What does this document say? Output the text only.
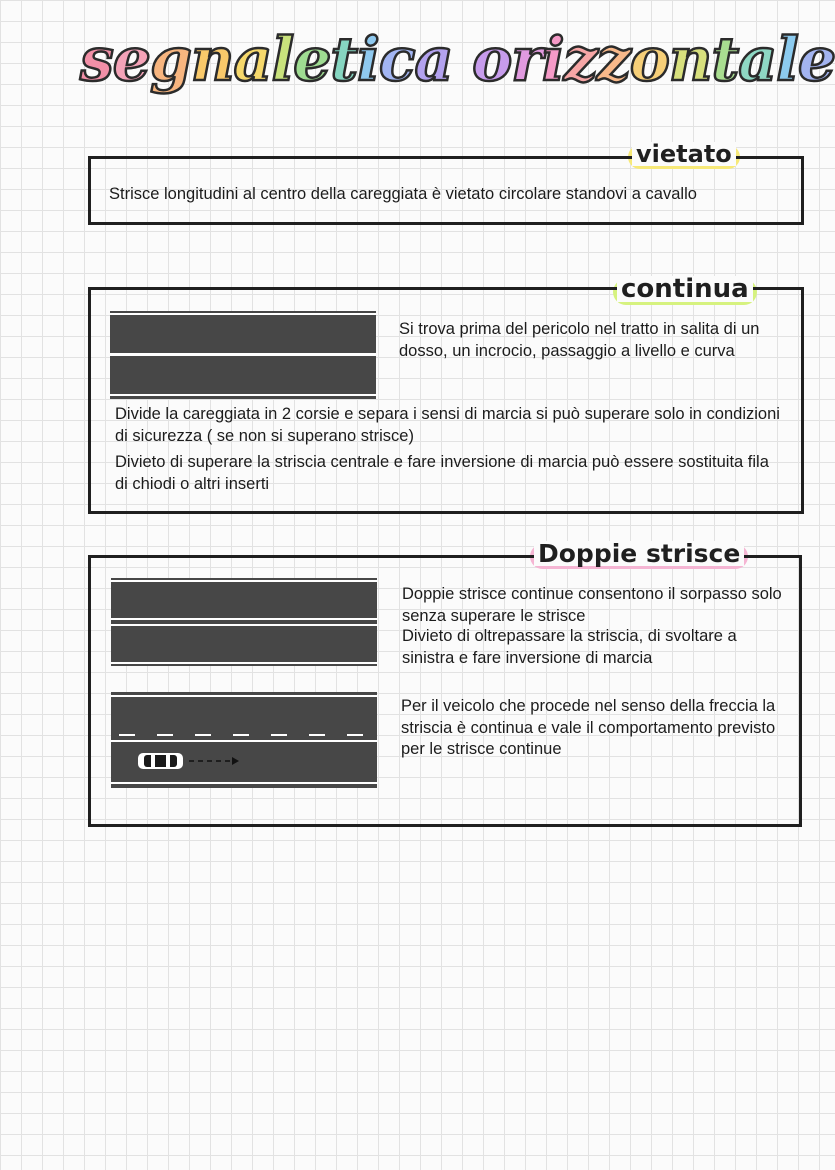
segnaletica orizzontale
vietato
Strisce longitudini al centro della careggiata è vietato circolare standovi a cavallo
continua
Si trova prima del pericolo nel tratto in salita di un dosso, un incrocio, passaggio a livello e curva
Divide la careggiata in 2 corsie e separa i sensi di marcia si può superare solo in condizioni di sicurezza ( se non si superano strisce)
Divieto di superare la striscia centrale e fare inversione di marcia può essere sostituita fila di chiodi o altri inserti
Doppie strisce
Doppie strisce continue consentono il sorpasso solo senza superare le strisce
Divieto di oltrepassare la striscia, di svoltare a sinistra e fare inversione di marcia
Per il veicolo che procede nel senso della freccia la striscia è continua e vale il comportamento previsto per le strisce continue
